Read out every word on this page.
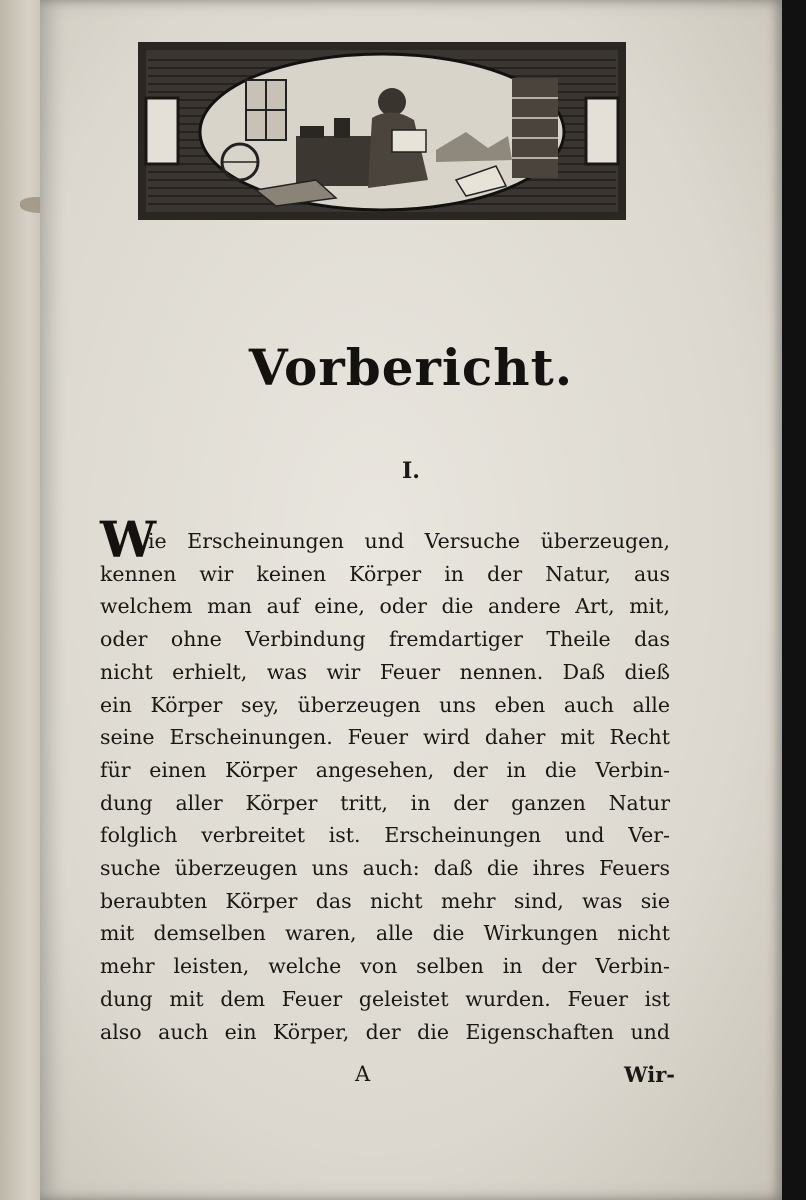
Vorbericht.
I.
W
ie Erscheinungen und Versuche überzeugen,
kennen wir keinen Körper in der Natur, aus
welchem man auf eine, oder die andere Art, mit,
oder ohne Verbindung fremdartiger Theile das
nicht erhielt, was wir Feuer nennen. Daß dieß
ein Körper sey, überzeugen uns eben auch alle
seine Erscheinungen. Feuer wird daher mit Recht
für einen Körper angesehen, der in die Verbin-
dung aller Körper tritt, in der ganzen Natur
folglich verbreitet ist. Erscheinungen und Ver-
suche überzeugen uns auch: daß die ihres Feuers
beraubten Körper das nicht mehr sind, was sie
mit demselben waren, alle die Wirkungen nicht
mehr leisten, welche von selben in der Verbin-
dung mit dem Feuer geleistet wurden. Feuer ist
also auch ein Körper, der die Eigenschaften und
A	Wir-
